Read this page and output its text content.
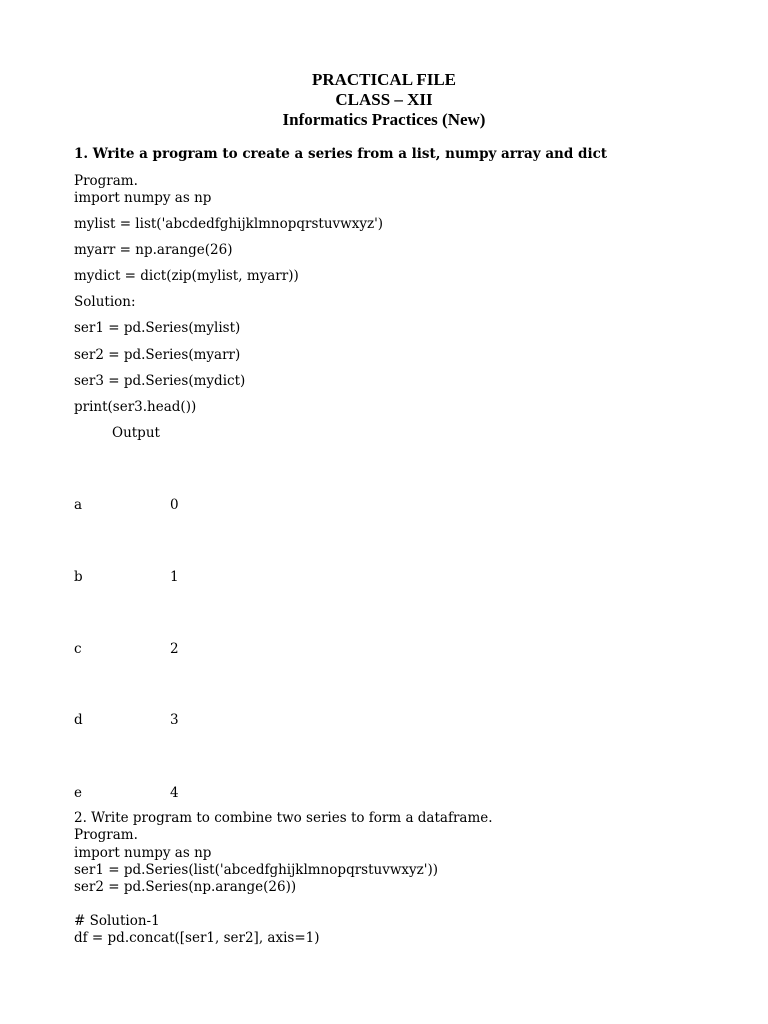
PRACTICAL FILE
CLASS – XII
Informatics Practices (New)
1. Write a program to create a series from a list, numpy array and dict
Program.
import numpy as np
mylist = list('abcdedfghijklmnopqrstuvwxyz')
myarr = np.arange(26)
mydict = dict(zip(mylist, myarr))
Solution:
ser1 = pd.Series(mylist)
ser2 = pd.Series(myarr)
ser3 = pd.Series(mydict)
print(ser3.head())
Output
a	0
b	1
c	2
d	3
e	4
2. Write program to combine two series to form a dataframe.
Program.
import numpy as np
ser1 = pd.Series(list('abcedfghijklmnopqrstuvwxyz'))
ser2 = pd.Series(np.arange(26))
# Solution-1
df = pd.concat([ser1, ser2], axis=1)
